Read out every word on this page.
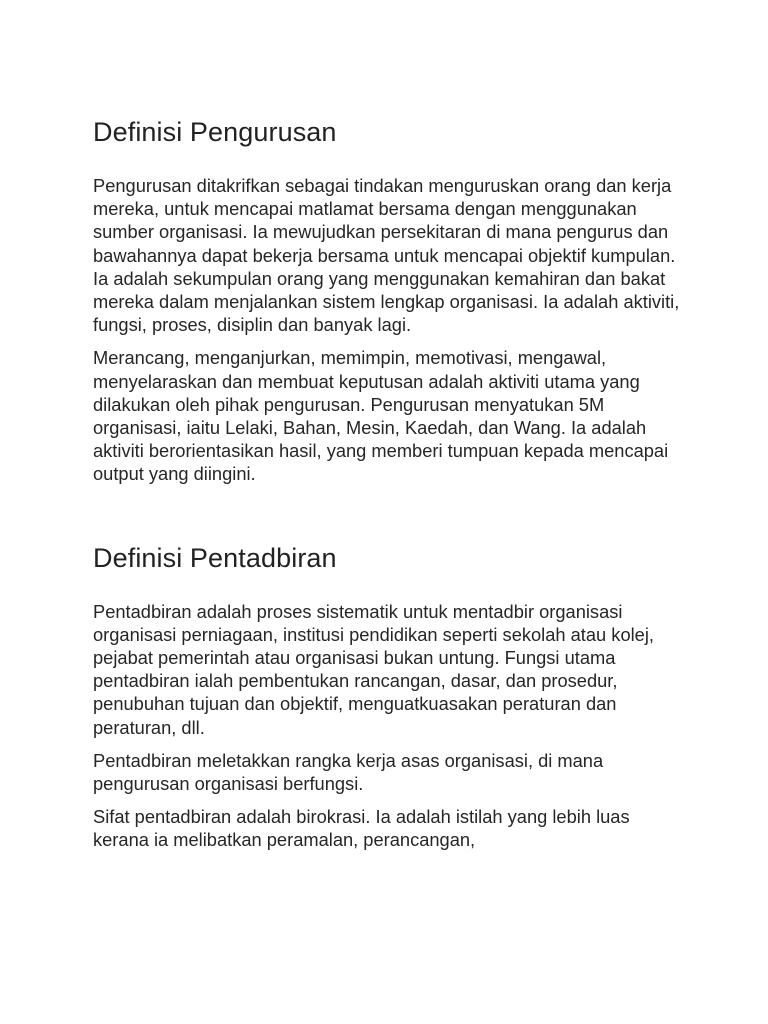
Definisi Pengurusan

Pengurusan ditakrifkan sebagai tindakan menguruskan orang dan kerja mereka, untuk mencapai matlamat bersama dengan menggunakan sumber organisasi. Ia mewujudkan persekitaran di mana pengurus dan bawahannya dapat bekerja bersama untuk mencapai objektif kumpulan. Ia adalah sekumpulan orang yang menggunakan kemahiran dan bakat mereka dalam menjalankan sistem lengkap organisasi. Ia adalah aktiviti, fungsi, proses, disiplin dan banyak lagi.

Merancang, menganjurkan, memimpin, memotivasi, mengawal, menyelaraskan dan membuat keputusan adalah aktiviti utama yang dilakukan oleh pihak pengurusan. Pengurusan menyatukan 5M organisasi, iaitu Lelaki, Bahan, Mesin, Kaedah, dan Wang. Ia adalah aktiviti berorientasikan hasil, yang memberi tumpuan kepada mencapai output yang diingini.

Definisi Pentadbiran

Pentadbiran adalah proses sistematik untuk mentadbir organisasi organisasi perniagaan, institusi pendidikan seperti sekolah atau kolej, pejabat pemerintah atau organisasi bukan untung. Fungsi utama pentadbiran ialah pembentukan rancangan, dasar, dan prosedur, penubuhan tujuan dan objektif, menguatkuasakan peraturan dan peraturan, dll.

Pentadbiran meletakkan rangka kerja asas organisasi, di mana pengurusan organisasi berfungsi.

Sifat pentadbiran adalah birokrasi. Ia adalah istilah yang lebih luas kerana ia melibatkan peramalan, perancangan,
